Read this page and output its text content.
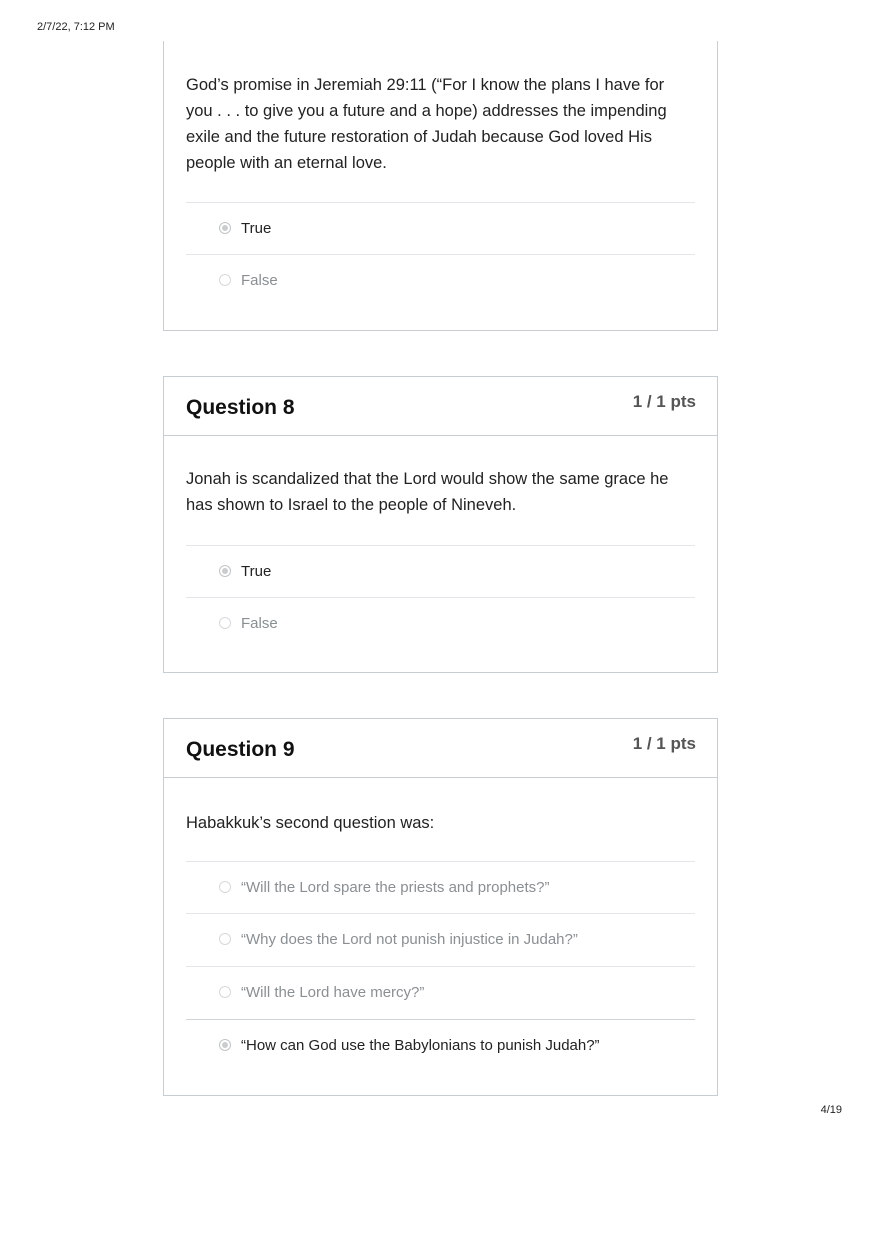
2/7/22, 7:12 PM
God’s promise in Jeremiah 29:11 (“For I know the plans I have for you . . . to give you a future and a hope) addresses the impending exile and the future restoration of Judah because God loved His people with an eternal love.
True
False
Question 8	1 / 1 pts
Jonah is scandalized that the Lord would show the same grace he has shown to Israel to the people of Nineveh.
True
False
Question 9	1 / 1 pts
Habakkuk’s second question was:
“Will the Lord spare the priests and prophets?”
“Why does the Lord not punish injustice in Judah?”
“Will the Lord have mercy?”
“How can God use the Babylonians to punish Judah?”
4/19
